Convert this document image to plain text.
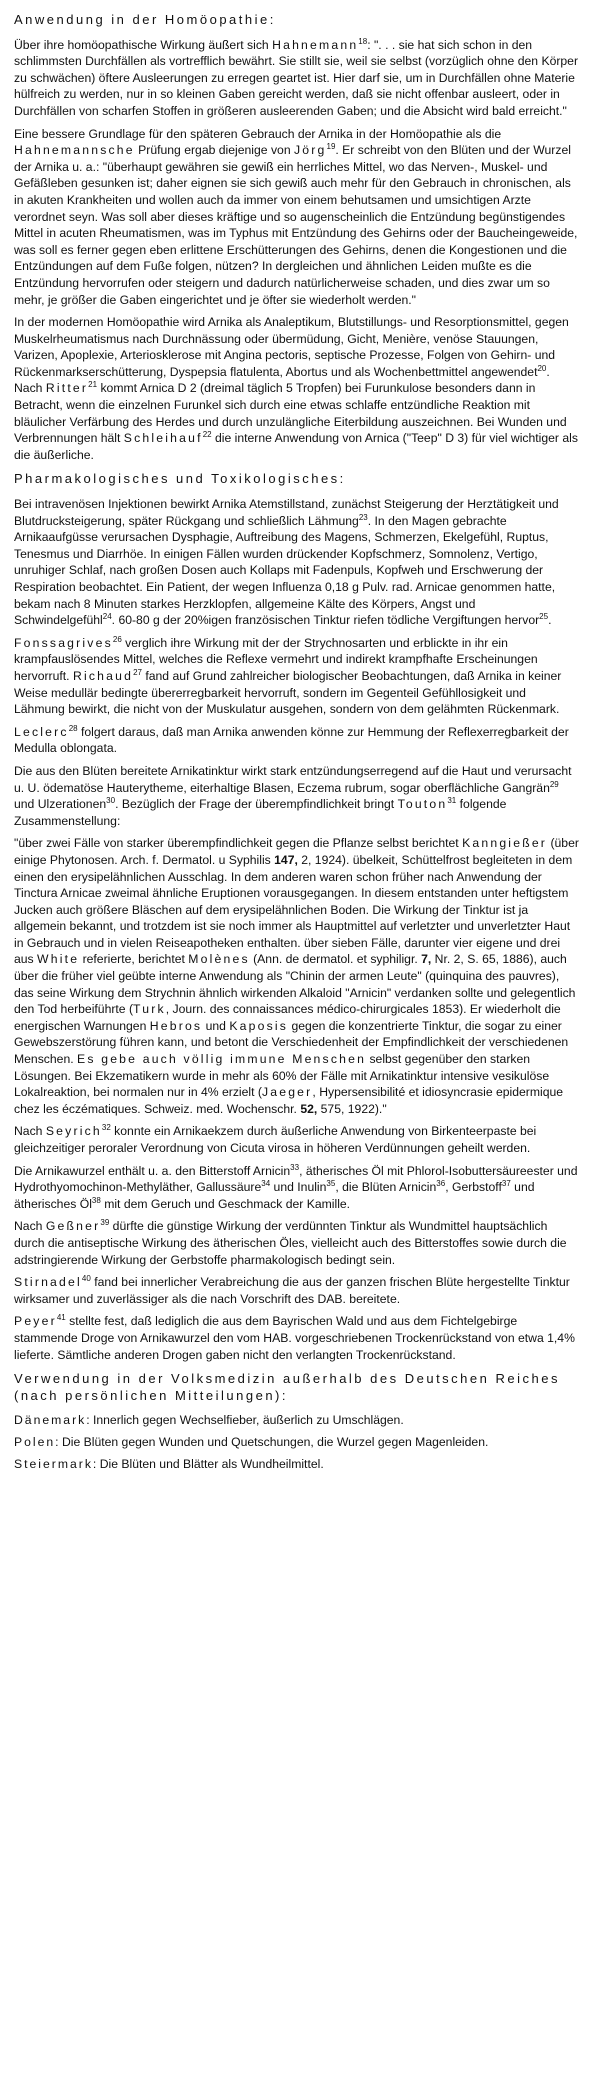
Anwendung in der Homöopathie:

Über ihre homöopathische Wirkung äußert sich Hahnemann$^{18}$: ". . . sie hat sich schon in den schlimmsten Durchfällen als vortrefflich bewährt. Sie stillt sie, weil sie selbst (vorzüglich ohne den Körper zu schwächen) öftere Ausleerungen zu erregen geartet ist. Hier darf sie, um in Durchfällen ohne Materie hülfreich zu werden, nur in so kleinen Gaben gereicht werden, daß sie nicht offenbar ausleert, oder in Durchfällen von scharfen Stoffen in größeren ausleerenden Gaben; und die Absicht wird bald erreicht."

Eine bessere Grundlage für den späteren Gebrauch der Arnika in der Homöopathie als die Hahnemannsche Prüfung ergab diejenige von Jörg$^{19}$. Er schreibt von den Blüten und der Wurzel der Arnika u. a.: "überhaupt gewähren sie gewiß ein herrliches Mittel, wo das Nerven-, Muskel- und Gefäßleben gesunken ist; daher eignen sie sich gewiß auch mehr für den Gebrauch in chronischen, als in akuten Krankheiten und wollen auch da immer von einem behutsamen und umsichtigen Arzte verordnet seyn. Was soll aber dieses kräftige und so augenscheinlich die Entzündung begünstigendes Mittel in acuten Rheumatismen, was im Typhus mit Entzündung des Gehirns oder der Baucheingeweide, was soll es ferner gegen eben erlittene Erschütterungen des Gehirns, denen die Kongestionen und die Entzündungen auf dem Fuße folgen, nützen? In dergleichen und ähnlichen Leiden mußte es die Entzündung hervorrufen oder steigern und dadurch natürlicherweise schaden, und dies zwar um so mehr, je größer die Gaben eingerichtet und je öfter sie wiederholt werden."

In der modernen Homöopathie wird Arnika als Analeptikum, Blutstillungs- und Resorptionsmittel, gegen Muskelrheumatismus nach Durchnässung oder übermüdung, Gicht, Menière, venöse Stauungen, Varizen, Apoplexie, Arteriosklerose mit Angina pectoris, septische Prozesse, Folgen von Gehirn- und Rückenmarkserschütterung, Dyspepsia flatulenta, Abortus und als Wochenbettmittel angewendet$^{20}$. Nach Ritter$^{21}$ kommt Arnica D 2 (dreimal täglich 5 Tropfen) bei Furunkulose besonders dann in Betracht, wenn die einzelnen Furunkel sich durch eine etwas schlaffe entzündliche Reaktion mit bläulicher Verfärbung des Herdes und durch unzulängliche Eiterbildung auszeichnen. Bei Wunden und Verbrennungen hält Schleihauf$^{22}$ die interne Anwendung von Arnica ("Teep" D 3) für viel wichtiger als die äußerliche.

Pharmakologisches und Toxikologisches:

Bei intravenösen Injektionen bewirkt Arnika Atemstillstand, zunächst Steigerung der Herztätigkeit und Blutdrucksteigerung, später Rückgang und schließlich Lähmung$^{23}$. In den Magen gebrachte Arnikaaufgüsse verursachen Dysphagie, Auftreibung des Magens, Schmerzen, Ekelgefühl, Ruptus, Tenesmus und Diarrhöe. In einigen Fällen wurden drückender Kopfschmerz, Somnolenz, Vertigo, unruhiger Schlaf, nach großen Dosen auch Kollaps mit Fadenpuls, Kopfweh und Erschwerung der Respiration beobachtet. Ein Patient, der wegen Influenza 0,18 g Pulv. rad. Arnicae genommen hatte, bekam nach 8 Minuten starkes Herzklopfen, allgemeine Kälte des Körpers, Angst und Schwindelgefühl$^{24}$. 60-80 g der 20%igen französischen Tinktur riefen tödliche Vergiftungen hervor$^{25}$.

Fonssagrives$^{26}$ verglich ihre Wirkung mit der der Strychnosarten und erblickte in ihr ein krampfauslösendes Mittel, welches die Reflexe vermehrt und indirekt krampfhafte Erscheinungen hervorruft. Richaud$^{27}$ fand auf Grund zahlreicher biologischer Beobachtungen, daß Arnika in keiner Weise medullär bedingte übererregbarkeit hervorruft, sondern im Gegenteil Gefühllosigkeit und Lähmung bewirkt, die nicht von der Muskulatur ausgehen, sondern von dem gelähmten Rückenmark.

Leclerc$^{28}$ folgert daraus, daß man Arnika anwenden könne zur Hemmung der Reflexerregbarkeit der Medulla oblongata.

Die aus den Blüten bereitete Arnikatinktur wirkt stark entzündungserregend auf die Haut und verursacht u. U. ödematöse Hauterytheme, eiterhaltige Blasen, Eczema rubrum, sogar oberflächliche Gangrän$^{29}$ und Ulzerationen$^{30}$. Bezüglich der Frage der überempfindlichkeit bringt Touton$^{31}$ folgende Zusammenstellung:

"über zwei Fälle von starker überempfindlichkeit gegen die Pflanze selbst berichtet Kanngießer (über einige Phytonosen. Arch. f. Dermatol. u Syphilis 147, 2, 1924). übelkeit, Schüttelfrost begleiteten in dem einen den erysipelähnlichen Ausschlag. In dem anderen waren schon früher nach Anwendung der Tinctura Arnicae zweimal ähnliche Eruptionen vorausgegangen. In diesem entstanden unter heftigstem Jucken auch größere Bläschen auf dem erysipelähnlichen Boden. Die Wirkung der Tinktur ist ja allgemein bekannt, und trotzdem ist sie noch immer als Hauptmittel auf verletzter und unverletzter Haut in Gebrauch und in vielen Reiseapotheken enthalten. über sieben Fälle, darunter vier eigene und drei aus White referierte, berichtet Molènes (Ann. de dermatol. et syphiligr. 7, Nr. 2, S. 65, 1886), auch über die früher viel geübte interne Anwendung als "Chinin der armen Leute" (quinquina des pauvres), das seine Wirkung dem Strychnin ähnlich wirkenden Alkaloid "Arnicin" verdanken sollte und gelegentlich den Tod herbeiführte (Turk, Journ. des connaissances médico-chirurgicales 1853). Er wiederholt die energischen Warnungen Hebros und Kaposis gegen die konzentrierte Tinktur, die sogar zu einer Gewebszerstörung führen kann, und betont die Verschiedenheit der Empfindlichkeit der verschiedenen Menschen. Es gebe auch völlig immune Menschen selbst gegenüber den starken Lösungen. Bei Ekzematikern wurde in mehr als 60% der Fälle mit Arnikatinktur intensive vesikulöse Lokalreaktion, bei normalen nur in 4% erzielt (Jaeger, Hypersensibilité et idiosyncrasie epidermique chez les éczématiques. Schweiz. med. Wochenschr. 52, 575, 1922)."

Nach Seyrich$^{32}$ konnte ein Arnikaekzem durch äußerliche Anwendung von Birkenteerpaste bei gleichzeitiger peroraler Verordnung von Cicuta virosa in höheren Verdünnungen geheilt werden.

Die Arnikawurzel enthält u. a. den Bitterstoff Arnicin$^{33}$, ätherisches Öl mit Phlorol-Isobuttersäureester und Hydrothyomochinon-Methyläther, Gallussäure$^{34}$ und Inulin$^{35}$, die Blüten Arnicin$^{36}$, Gerbstoff$^{37}$ und ätherisches $Öl^{38}$ mit dem Geruch und Geschmack der Kamille.

Nach Geßner$^{39}$ dürfte die günstige Wirkung der verdünnten Tinktur als Wundmittel hauptsächlich durch die antiseptische Wirkung des ätherischen Öles, vielleicht auch des Bitterstoffes sowie durch die adstringierende Wirkung der Gerbstoffe pharmakologisch bedingt sein.

Stirnadel$^{40}$ fand bei innerlicher Verabreichung die aus der ganzen frischen Blüte hergestellte Tinktur wirksamer und zuverlässiger als die nach Vorschrift des DAB. bereitete.

Peyer$^{41}$ stellte fest, daß lediglich die aus dem Bayrischen Wald und aus dem Fichtelgebirge stammende Droge von Arnikawurzel den vom HAB. vorgeschriebenen Trockenrückstand von etwa 1,4% lieferte. Sämtliche anderen Drogen gaben nicht den verlangten Trockenrückstand.

Verwendung in der Volksmedizin außerhalb des Deutschen Reiches (nach persönlichen Mitteilungen):
Dänemark: Innerlich gegen Wechselfieber, äußerlich zu Umschlägen.
Polen: Die Blüten gegen Wunden und Quetschungen, die Wurzel gegen Magenleiden.
Steiermark: Die Blüten und Blätter als Wundheilmittel.
